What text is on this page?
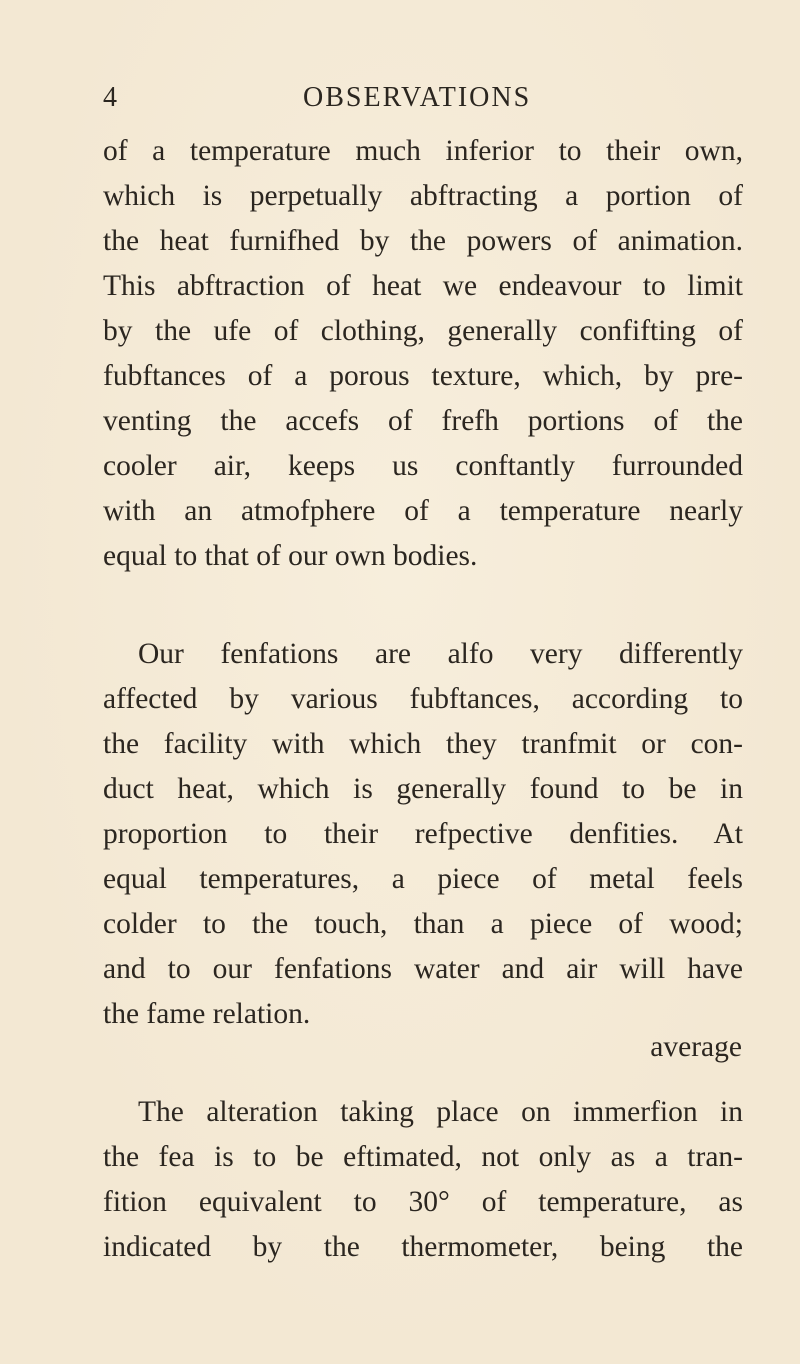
4	OBSERVATIONS
of a temperature much inferior to their own,
which is perpetually abftracting a portion of
the heat furnifhed by the powers of animation.
This abftraction of heat we endeavour to limit
by the ufe of clothing, generally confifting of
fubftances of a porous texture, which, by pre-
venting the accefs of frefh portions of the
cooler air, keeps us conftantly furrounded
with an atmofphere of a temperature nearly
equal to that of our own bodies.
Our fenfations are alfo very differently
affected by various fubftances, according to
the facility with which they tranfmit or con-
duct heat, which is generally found to be in
proportion to their refpective denfities. At
equal temperatures, a piece of metal feels
colder to the touch, than a piece of wood;
and to our fenfations water and air will have
the fame relation.
The alteration taking place on immerfion in
the fea is to be eftimated, not only as a tran-
fition equivalent to 30° of temperature, as
indicated by the thermometer, being the
average
